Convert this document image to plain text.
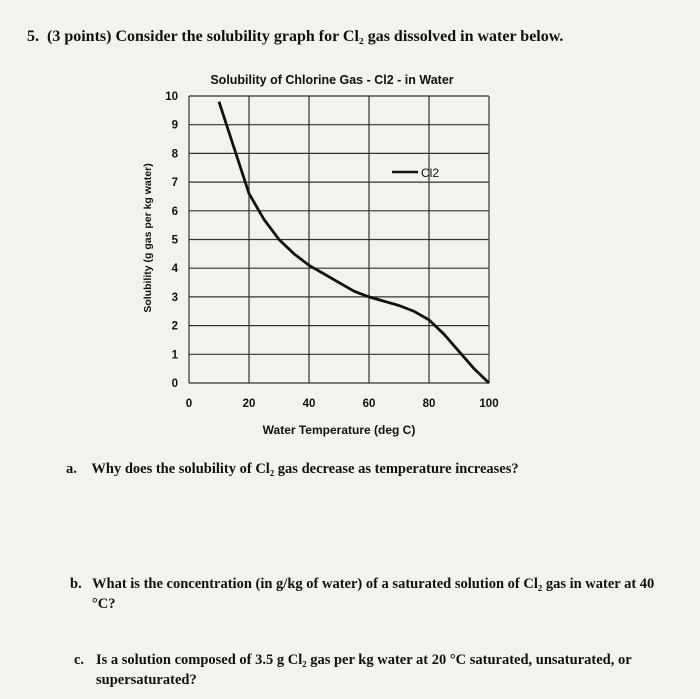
5. (3 points) Consider the solubility graph for Cl₂ gas dissolved in water below.
0
1
2
3
4
5
6
7
8
9
10
0	20	40	60	80	100
Solubility of Chlorine Gas - Cl2 - in Water
Water Temperature (deg C)
Solubility (g gas per kg water)	Cl2
a. Why does the solubility of Cl₂ gas decrease as temperature increases?
b. What is the concentration (in g/kg of water) of a saturated solution of Cl₂ gas in water at 40
°C?
c. Is a solution composed of 3.5 g Cl₂ gas per kg water at 20 °C saturated, unsaturated, or
supersaturated?
